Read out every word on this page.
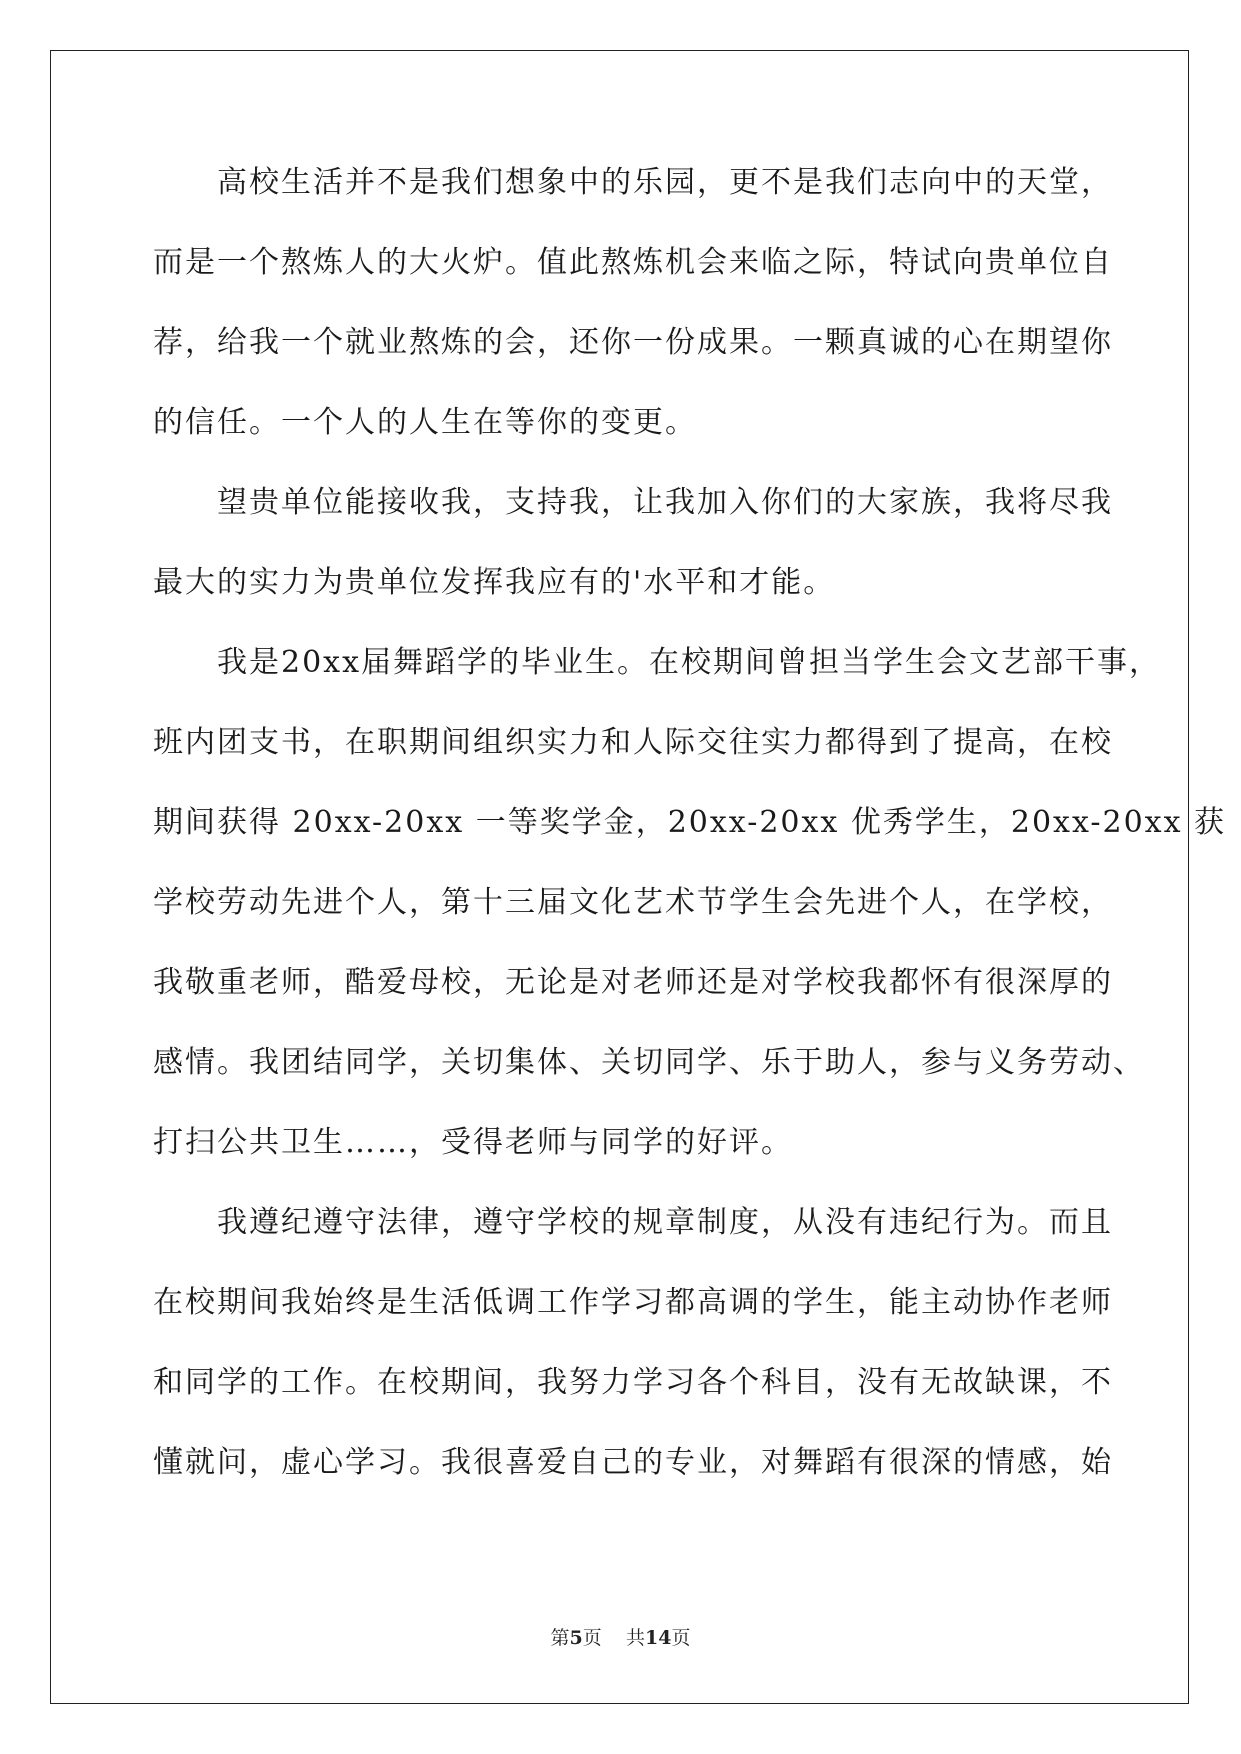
高校生活并不是我们想象中的乐园，更不是我们志向中的天堂，
而是一个熬炼人的大火炉。值此熬炼机会来临之际，特试向贵单位自
荐，给我一个就业熬炼的会，还你一份成果。一颗真诚的心在期望你
的信任。一个人的人生在等你的变更。
望贵单位能接收我，支持我，让我加入你们的大家族，我将尽我
最大的实力为贵单位发挥我应有的'水平和才能。
我是20xx届舞蹈学的毕业生。在校期间曾担当学生会文艺部干事，
班内团支书，在职期间组织实力和人际交往实力都得到了提高，在校
期间获得 20xx-20xx 一等奖学金，20xx-20xx 优秀学生，20xx-20xx 获
学校劳动先进个人，第十三届文化艺术节学生会先进个人，在学校，
我敬重老师，酷爱母校，无论是对老师还是对学校我都怀有很深厚的
感情。我团结同学，关切集体、关切同学、乐于助人，参与义务劳动、
打扫公共卫生……，受得老师与同学的好评。
我遵纪遵守法律，遵守学校的规章制度，从没有违纪行为。而且
在校期间我始终是生活低调工作学习都高调的学生，能主动协作老师
和同学的工作。在校期间，我努力学习各个科目，没有无故缺课，不
懂就问，虚心学习。我很喜爱自己的专业，对舞蹈有很深的情感，始
第5页 共14页
